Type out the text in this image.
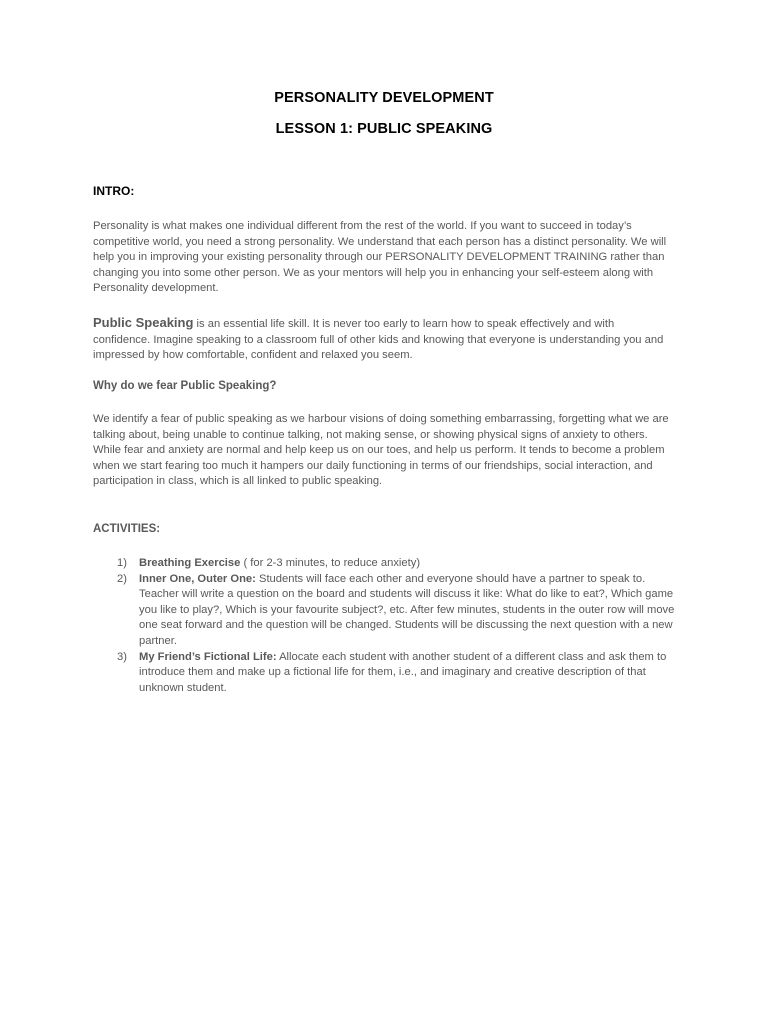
PERSONALITY DEVELOPMENT
LESSON 1: PUBLIC SPEAKING
INTRO:

Personality is what makes one individual different from the rest of the world. If you want to succeed in today’s competitive world, you need a strong personality. We understand that each person has a distinct personality. We will help you in improving your existing personality through our PERSONALITY DEVELOPMENT TRAINING rather than changing you into some other person. We as your mentors will help you in enhancing your self-esteem along with Personality development.

Public Speaking is an essential life skill. It is never too early to learn how to speak effectively and with confidence. Imagine speaking to a classroom full of other kids and knowing that everyone is understanding you and impressed by how comfortable, confident and relaxed you seem.

Why do we fear Public Speaking?

We identify a fear of public speaking as we harbour visions of doing something embarrassing, forgetting what we are talking about, being unable to continue talking, not making sense, or showing physical signs of anxiety to others. While fear and anxiety are normal and help keep us on our toes, and help us perform. It tends to become a problem when we start fearing too much it hampers our daily functioning in terms of our friendships, social interaction, and participation in class, which is all linked to public speaking.

ACTIVITIES:
1) Breathing Exercise ( for 2-3 minutes, to reduce anxiety)
2) Inner One, Outer One: Students will face each other and everyone should have a partner to speak to. Teacher will write a question on the board and students will discuss it like: What do like to eat?, Which game you like to play?, Which is your favourite subject?, etc. After few minutes, students in the outer row will move one seat forward and the question will be changed. Students will be discussing the next question with a new partner.
3) My Friend’s Fictional Life: Allocate each student with another student of a different class and ask them to introduce them and make up a fictional life for them, i.e., and imaginary and creative description of that unknown student.
